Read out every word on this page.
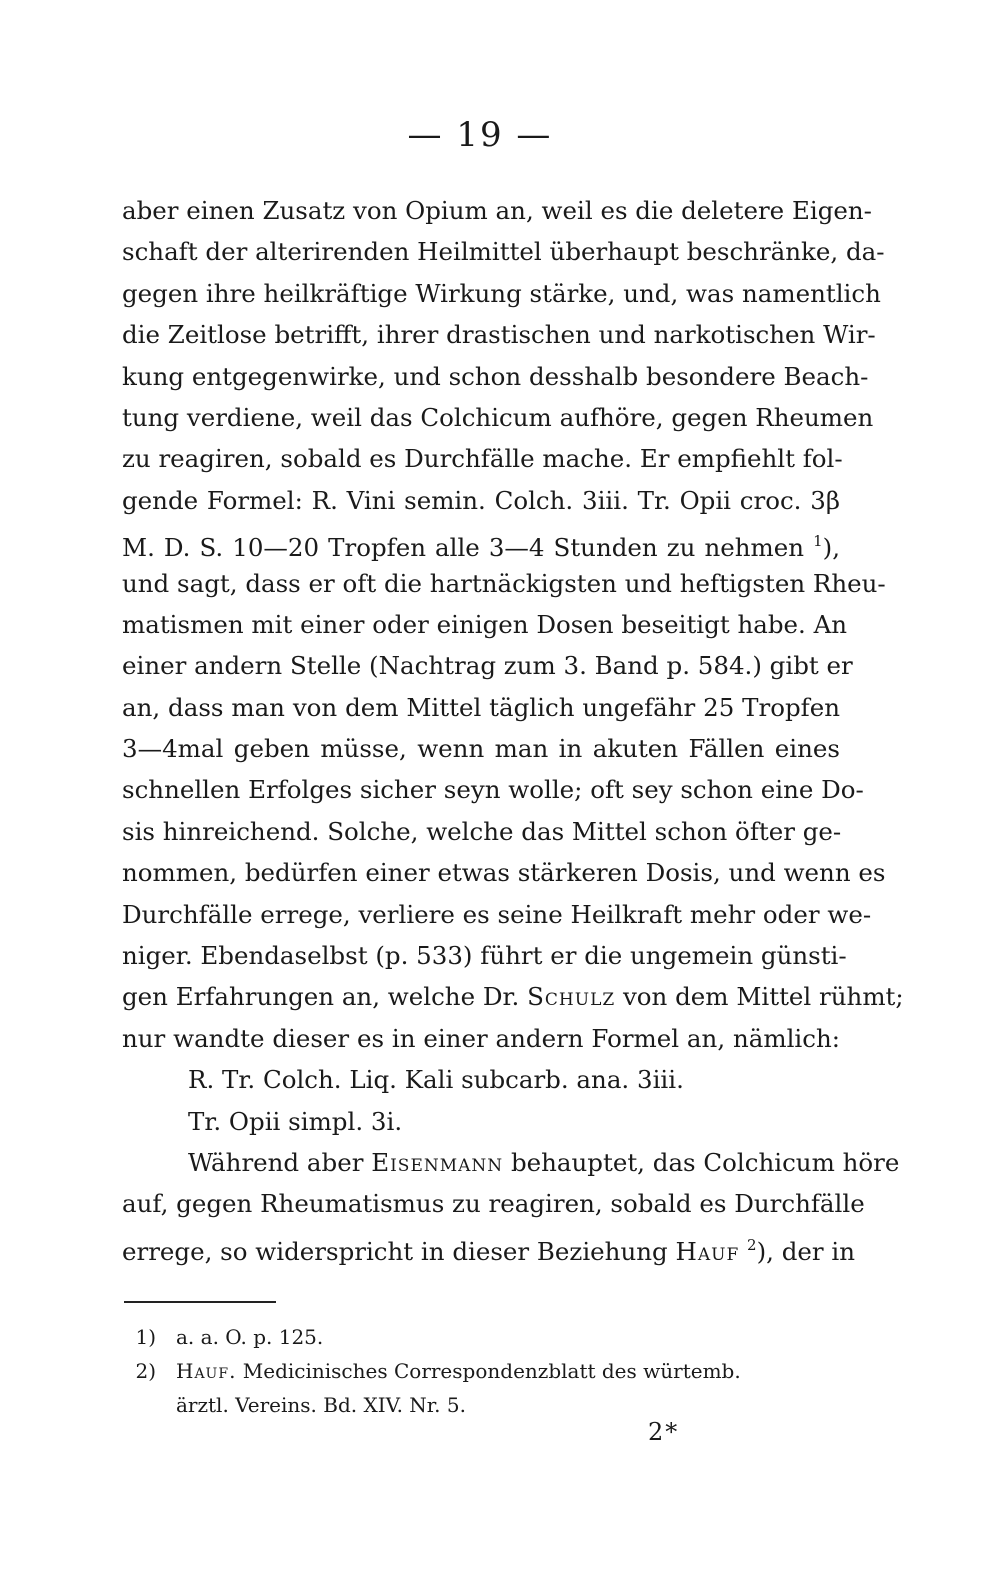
— 19 —
aber einen Zusatz von Opium an, weil es die deletere Eigen-
schaft der alterirenden Heilmittel überhaupt beschränke, da-
gegen ihre heilkräftige Wirkung stärke, und, was namentlich
die Zeitlose betrifft, ihrer drastischen und narkotischen Wir-
kung entgegenwirke, und schon desshalb besondere Beach-
tung verdiene, weil das Colchicum aufhöre, gegen Rheumen
zu reagiren, sobald es Durchfälle mache. Er empfiehlt fol-
gende Formel: R. Vini semin. Colch. 3iii. Tr. Opii croc. 3β
M. D. S. 10—20 Tropfen alle 3—4 Stunden zu nehmen $^1$),
und sagt, dass er oft die hartnäckigsten und heftigsten Rheu-
matismen mit einer oder einigen Dosen beseitigt habe. An
einer andern Stelle (Nachtrag zum 3. Band p. 584.) gibt er
an, dass man von dem Mittel täglich ungefähr 25 Tropfen
3—4mal geben müsse, wenn man in akuten Fällen eines
schnellen Erfolges sicher seyn wolle; oft sey schon eine Do-
sis hinreichend. Solche, welche das Mittel schon öfter ge-
nommen, bedürfen einer etwas stärkeren Dosis, und wenn es
Durchfälle errege, verliere es seine Heilkraft mehr oder we-
niger. Ebendaselbst (p. 533) führt er die ungemein günsti-
gen Erfahrungen an, welche Dr. Schulz von dem Mittel rühmt;
nur wandte dieser es in einer andern Formel an, nämlich:
R. Tr. Colch. Liq. Kali subcarb. ana. 3iii.
Tr. Opii simpl. 3i.
Während aber Eisenmann behauptet, das Colchicum höre
auf, gegen Rheumatismus zu reagiren, sobald es Durchfälle
errege, so widerspricht in dieser Beziehung Hauf $^2$), der in
1) a. a. O. p. 125.
2) Hauf. Medicinisches Correspondenzblatt des würtemb.
ärztl. Vereins. Bd. XIV. Nr. 5.
2*
